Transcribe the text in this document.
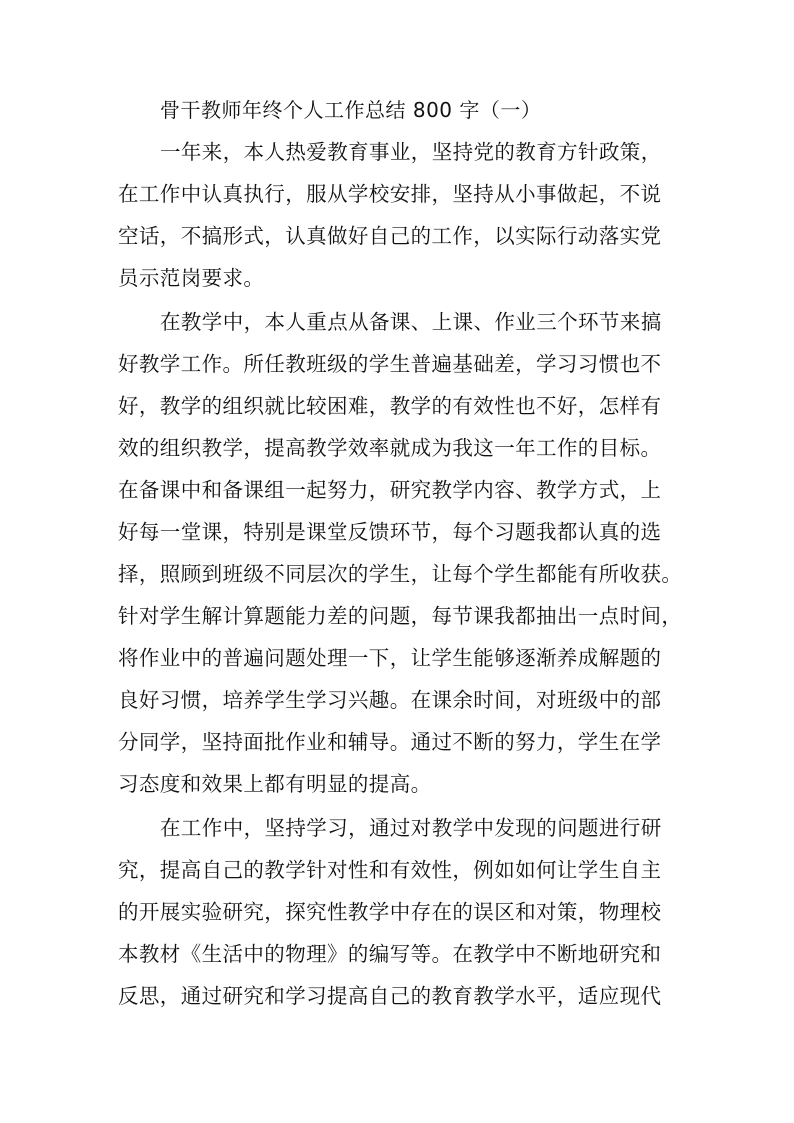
骨干教师年终个人工作总结 800 字（一）
一年来，本人热爱教育事业，坚持党的教育方针政策，
在工作中认真执行，服从学校安排，坚持从小事做起，不说
空话，不搞形式，认真做好自己的工作，以实际行动落实党
员示范岗要求。
在教学中，本人重点从备课、上课、作业三个环节来搞
好教学工作。所任教班级的学生普遍基础差，学习习惯也不
好，教学的组织就比较困难，教学的有效性也不好，怎样有
效的组织教学，提高教学效率就成为我这一年工作的目标。
在备课中和备课组一起努力，研究教学内容、教学方式，上
好每一堂课，特别是课堂反馈环节，每个习题我都认真的选
择，照顾到班级不同层次的学生，让每个学生都能有所收获。
针对学生解计算题能力差的问题，每节课我都抽出一点时间，
将作业中的普遍问题处理一下，让学生能够逐渐养成解题的
良好习惯，培养学生学习兴趣。在课余时间，对班级中的部
分同学，坚持面批作业和辅导。通过不断的努力，学生在学
习态度和效果上都有明显的提高。
在工作中，坚持学习，通过对教学中发现的问题进行研
究，提高自己的教学针对性和有效性，例如如何让学生自主
的开展实验研究，探究性教学中存在的误区和对策，物理校
本教材《生活中的物理》的编写等。在教学中不断地研究和
反思，通过研究和学习提高自己的教育教学水平，适应现代
